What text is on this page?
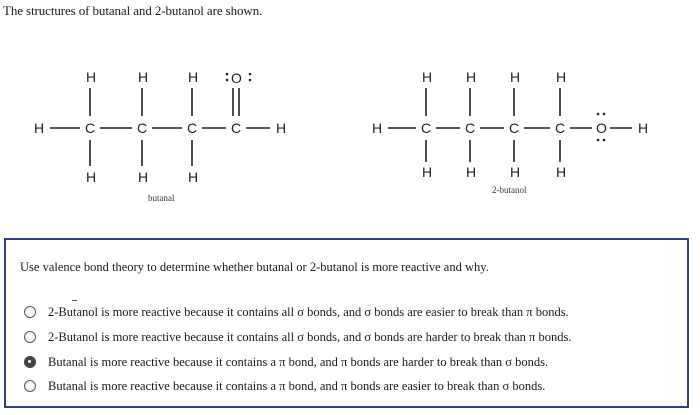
The structures of butanal and 2-butanol are shown.
H	H	H O
H	C	C	C C H
H	H	H
butanal
H H H	H
H	C C C	C O H
H H H	H
2-butanol
Use valence bond theory to determine whether butanal or 2-butanol is more reactive and why.
2-Butanol is more reactive because it contains all σ bonds, and σ bonds are easier to break than π bonds.
2-Butanol is more reactive because it contains all σ bonds, and σ bonds are harder to break than π bonds.
Butanal is more reactive because it contains a π bond, and π bonds are harder to break than σ bonds.
Butanal is more reactive because it contains a π bond, and π bonds are easier to break than σ bonds.
